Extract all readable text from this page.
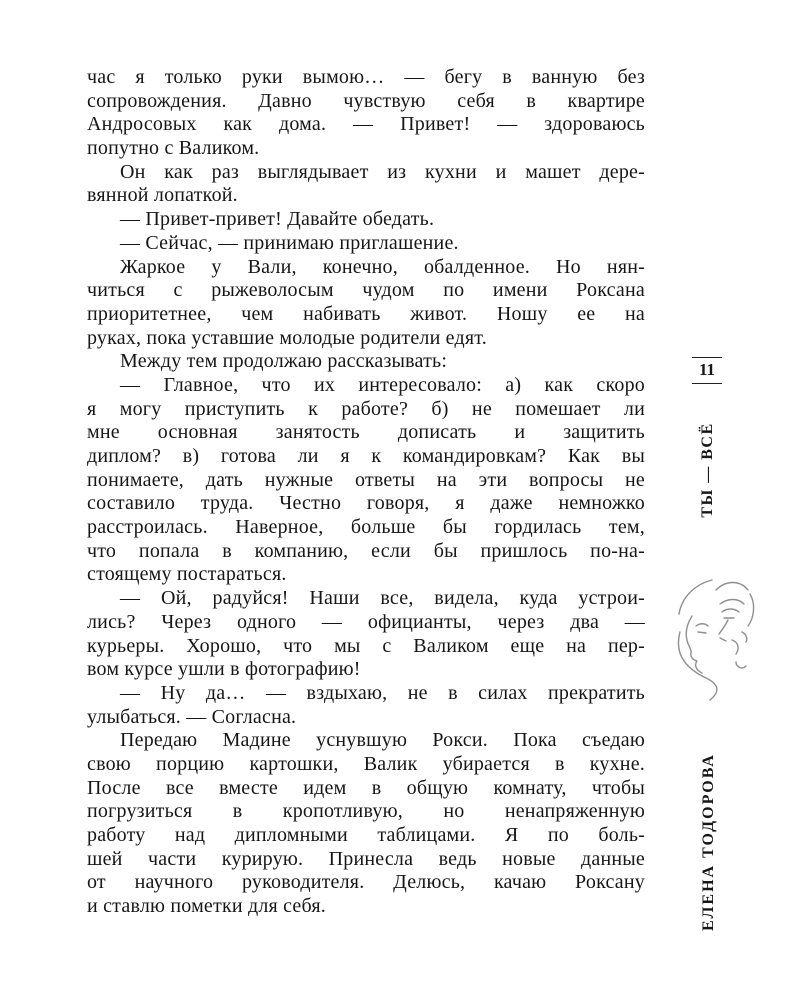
час я только руки вымою… — бегу в ванную без
сопровождения. Давно чувствую себя в квартире
Андросовых как дома. — Привет! — здороваюсь
попутно с Валиком.
Он как раз выглядывает из кухни и машет дере-
вянной лопаткой.
— Привет-привет! Давайте обедать.
— Сейчас, — принимаю приглашение.
Жаркое у Вали, конечно, обалденное. Но нян-
читься с рыжеволосым чудом по имени Роксана
приоритетнее, чем набивать живот. Ношу ее на
руках, пока уставшие молодые родители едят.
Между тем продолжаю рассказывать:
— Главное, что их интересовало: а) как скоро
я могу приступить к работе? б) не помешает ли
мне основная занятость дописать и защитить
диплом? в) готова ли я к командировкам? Как вы
понимаете, дать нужные ответы на эти вопросы не
составило труда. Честно говоря, я даже немножко
расстроилась. Наверное, больше бы гордилась тем,
что попала в компанию, если бы пришлось по-на-
стоящему постараться.
— Ой, радуйся! Наши все, видела, куда устрои-
лись? Через одного — официанты, через два —
курьеры. Хорошо, что мы с Валиком еще на пер-
вом курсе ушли в фотографию!
— Ну да… — вздыхаю, не в силах прекратить
улыбаться. — Согласна.
Передаю Мадине уснувшую Рокси. Пока съедаю
свою порцию картошки, Валик убирается в кухне.
После все вместе идем в общую комнату, чтобы
погрузиться в кропотливую, но ненапряженную
работу над дипломными таблицами. Я по боль-
шей части курирую. Принесла ведь новые данные
от научного руководителя. Делюсь, качаю Роксану
и ставлю пометки для себя.
11
ТЫ — ВСЁ
ЕЛЕНА ТОДОРОВА
